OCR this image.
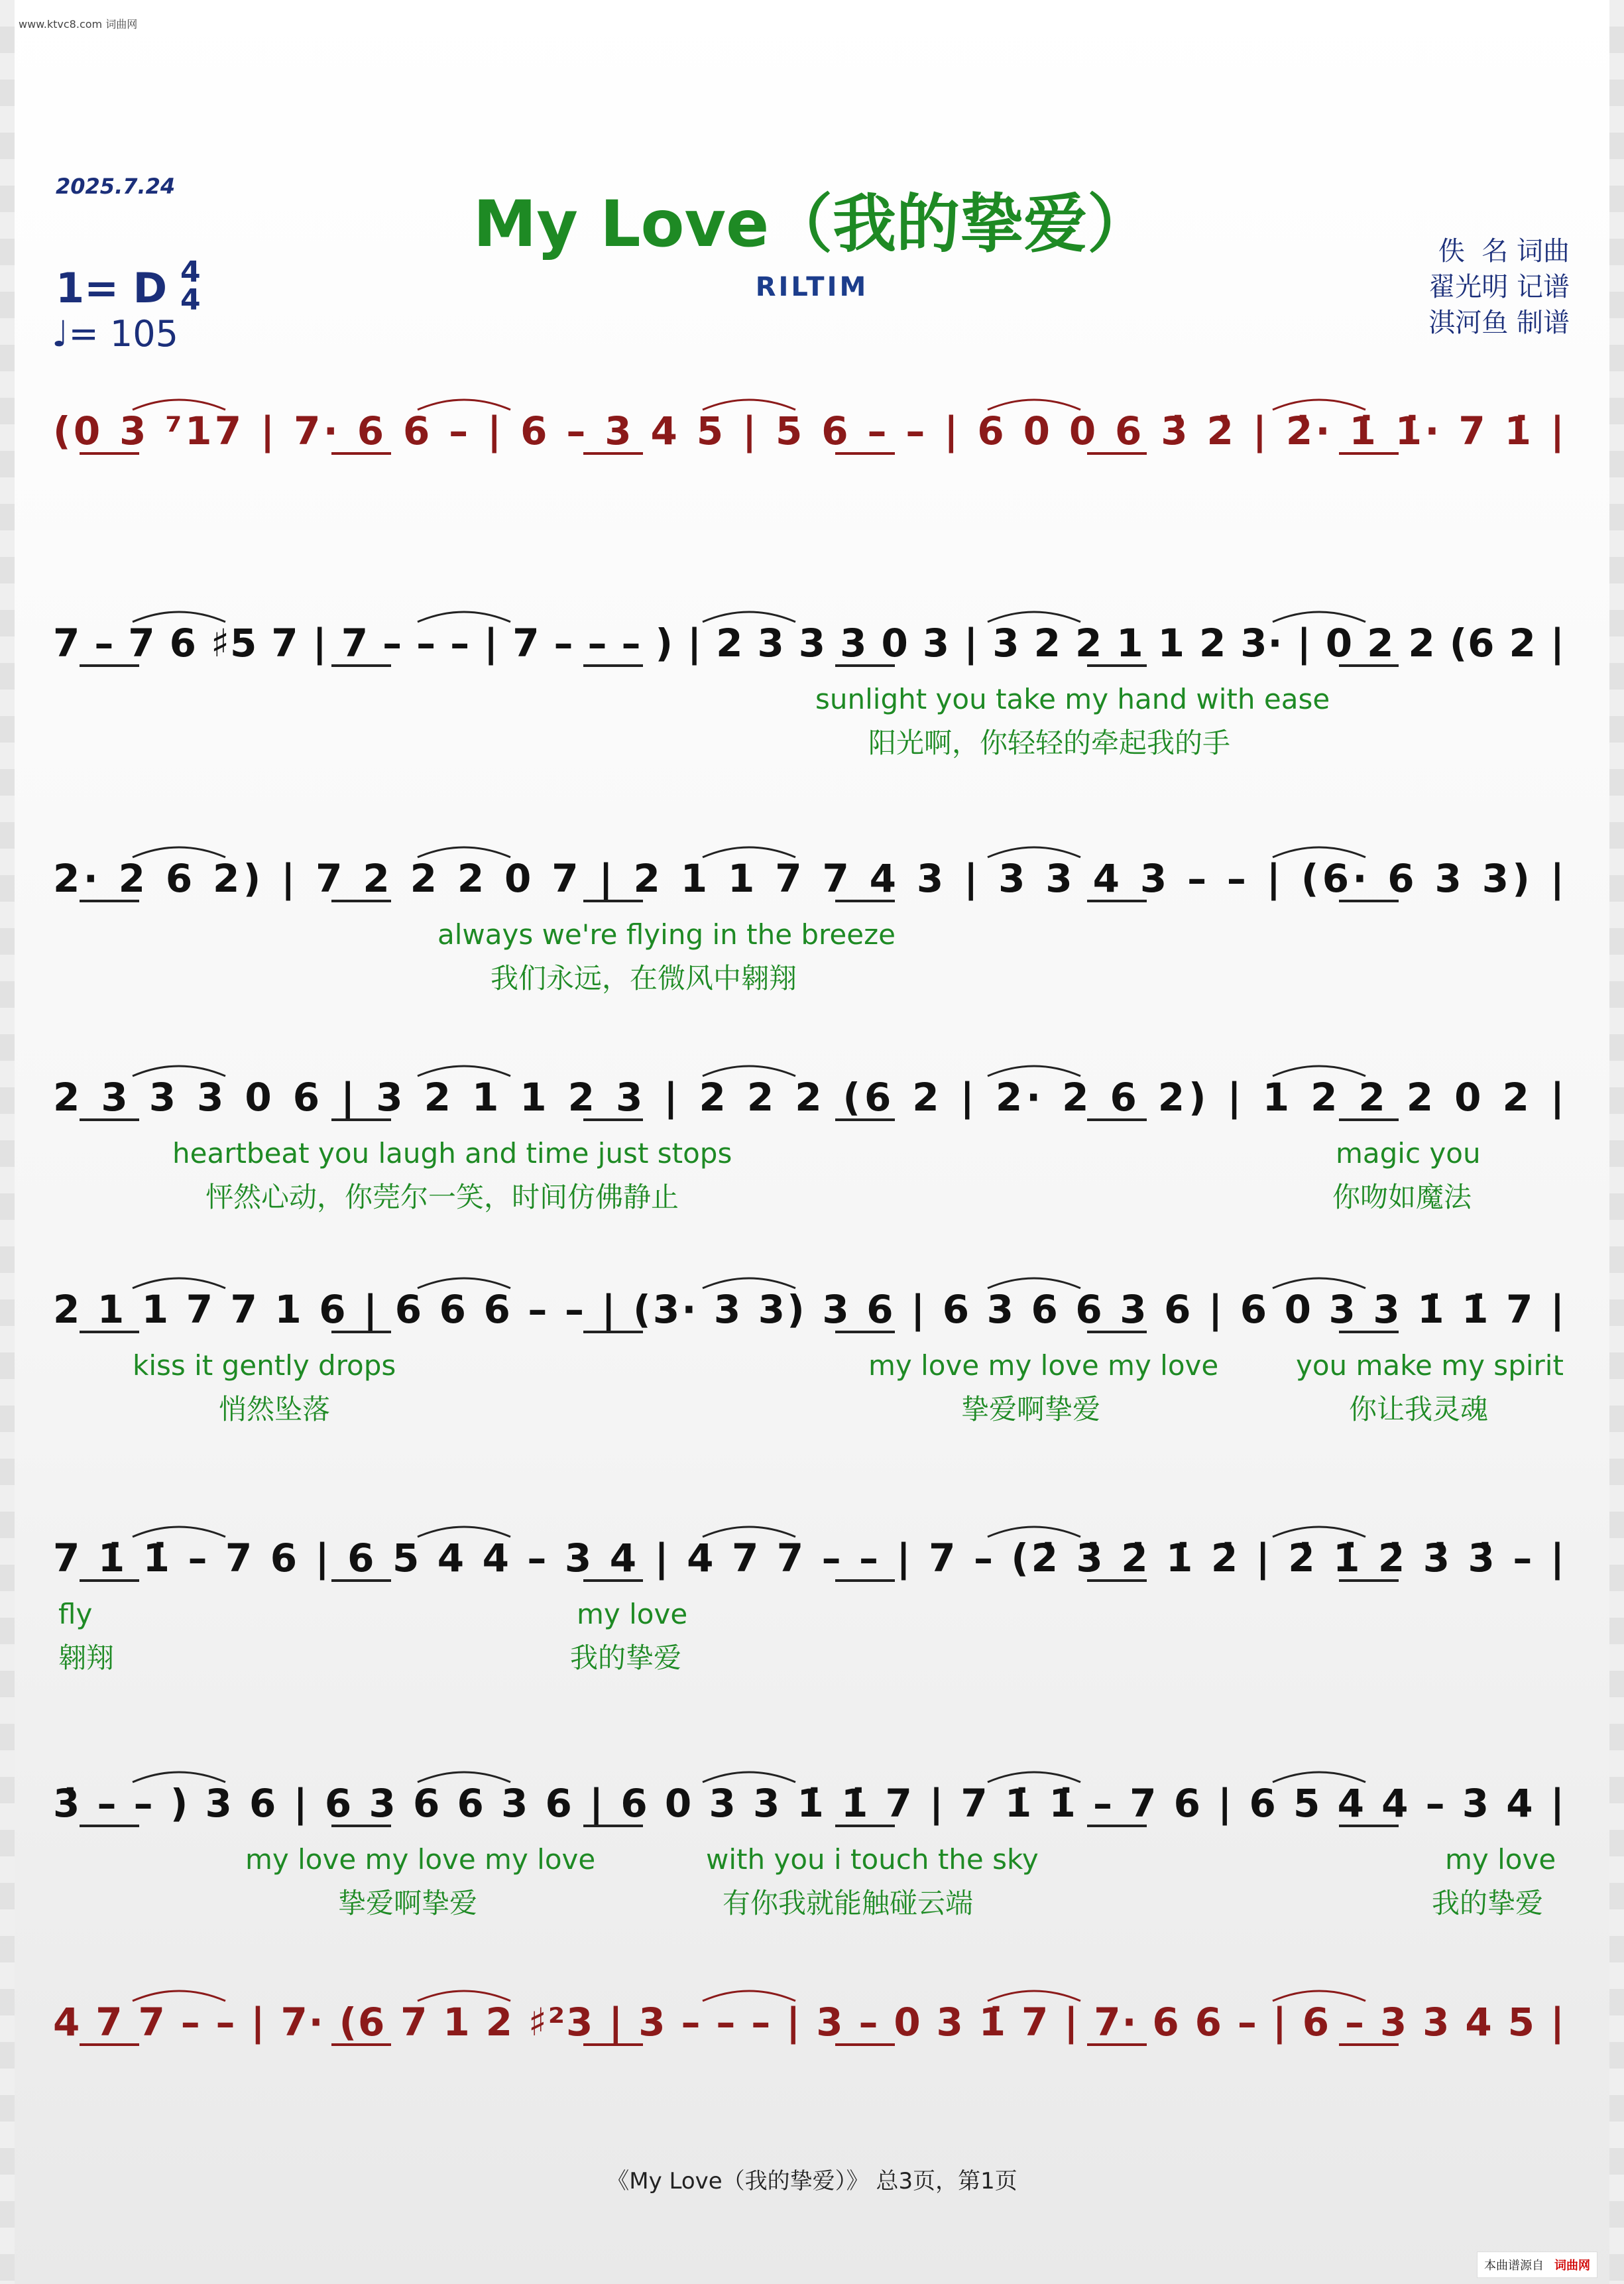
www.ktvc8.com 词曲网
2025.7.24
My Love（我的挚爱）
RILTIM
1= D 4
4
♩= 105
佚  名 词曲
翟光明 记谱
淇河鱼 制谱
(0 3 ⁷17 | 7· 6 6 – | 6 – 3 4 5 | 5 6 – – | 6 0 0 6 3̇ 2̇ | 2̇· 1̇ 1̇· 7 1̇ |
7 – 7 6 ♯5 7 | 7 – – – | 7 – – – ) | 2 3 3 3 0 3 | 3 2 2 1 1 2 3· | 0 2 2 (6 2 |
sunlight you take my hand with ease
阳光啊，你轻轻的牵起我的手
2· 2 6 2) | 7 2 2 2 0 7 | 2 1 1 7 7 4 3 | 3 3 4 3 – – | (6· 6 3 3) |
always we're flying in the breeze
我们永远，在微风中翱翔
2 3 3 3 0 6 | 3 2 1 1 2 3 | 2 2 2 (6 2 | 2· 2 6 2) | 1 2 2 2 0 2 |
heartbeat you laugh and time just stops	magic you
怦然心动，你莞尔一笑，时间仿佛静止	你吻如魔法
2 1 1 7 7 1 6 | 6 6 6 – – | (3· 3 3) 3 6 | 6 3 6 6 3 6 | 6 0 3 3 1̇ 1̇ 7 |
kiss it gently drops	my love my love my love	you make my spirit
悄然坠落	挚爱啊挚爱	你让我灵魂
7 1̇ 1̇ – 7 6 | 6 5 4 4 – 3 4 | 4 7 7 – – | 7 – (2̇ 3̇ 2̇ 1̇ 2̇ | 2̇ 1̇ 2̇ 3̇ 3̇ – |
fly	my love
翱翔	我的挚爱
3̇ – – ) 3 6 | 6 3 6 6 3 6 | 6 0 3 3 1̇ 1̇ 7 | 7 1̇ 1̇ – 7 6 | 6 5 4 4 – 3 4 |
my love my love my love	with you i touch the sky	my love
挚爱啊挚爱	有你我就能触碰云端	我的挚爱
4 7 7 – – | 7· (6 7 1 2 ♯²3 | 3 – – – | 3 – 0 3 1̇ 7 | 7· 6 6 – | 6 – 3 3 4 5 |
《My Love（我的挚爱）》 总3页，第1页
本曲谱源自 词曲网
